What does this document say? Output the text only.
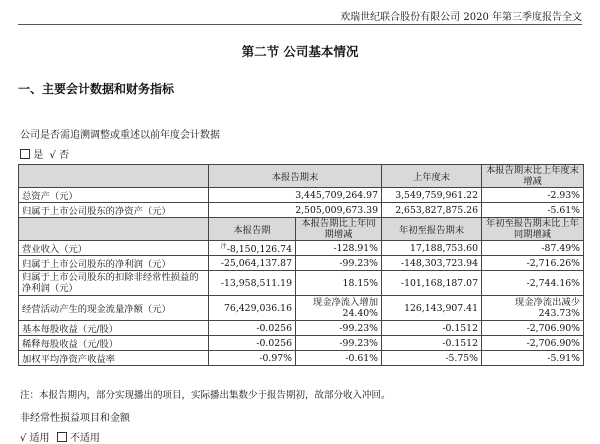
欢瑞世纪联合股份有限公司 2020 年第三季度报告全文
第二节 公司基本情况
一、主要会计数据和财务指标
公司是否需追溯调整或重述以前年度会计数据
是 √ 否
	本报告期末		上年度末	本报告期末比上年度末增减
总资产（元）	3,445,709,264.97		3,549,759,961.22	-2.93%
归属于上市公司股东的净资产（元）	2,505,009,673.39		2,653,827,875.26	-5.61%
	本报告期	本报告期比上年同期增减	年初至报告期末	年初至报告期末比上年同期增减
营业收入（元）	$^注$-8,150,126.74	-128.91%	17,188,753.60	-87.49%
归属于上市公司股东的净利润（元）	-25,064,137.87	-99.23%	-148,303,723.94	-2,716.26%
归属于上市公司股东的扣除非经常性损益的净利润（元）	-13,958,511.19	18.15%	-101,168,187.07	-2,744.16%
经营活动产生的现金流量净额（元）	76,429,036.16	现金净流入增加 24.40%	126,143,907.41	现金净流出减少 243.73%
基本每股收益（元/股）	-0.0256	-99.23%	-0.1512	-2,706.90%
稀释每股收益（元/股）	-0.0256	-99.23%	-0.1512	-2,706.90%
加权平均净资产收益率	-0.97%	-0.61%	-5.75%	-5.91%
注：本报告期内，部分实现播出的项目，实际播出集数少于报告期初，故部分收入冲回。
非经常性损益项目和金额
√ 适用 不适用
